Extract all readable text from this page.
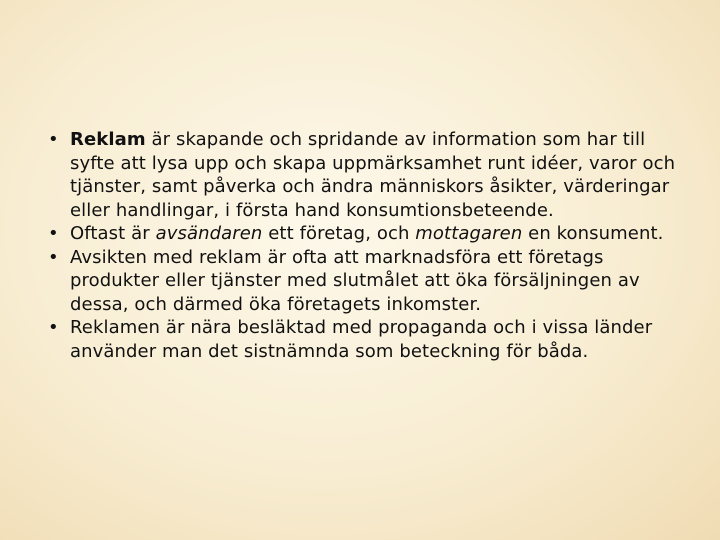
• Reklam är skapande och spridande av information som har till syfte att lysa upp och skapa uppmärksamhet runt idéer, varor och tjänster, samt påverka och ändra människors åsikter, värderingar eller handlingar, i första hand konsumtionsbeteende.
• Oftast är avsändaren ett företag, och mottagaren en konsument.
• Avsikten med reklam är ofta att marknadsföra ett företags produkter eller tjänster med slutmålet att öka försäljningen av dessa, och därmed öka företagets inkomster.
• Reklamen är nära besläktad med propaganda och i vissa länder använder man det sistnämnda som beteckning för båda.
